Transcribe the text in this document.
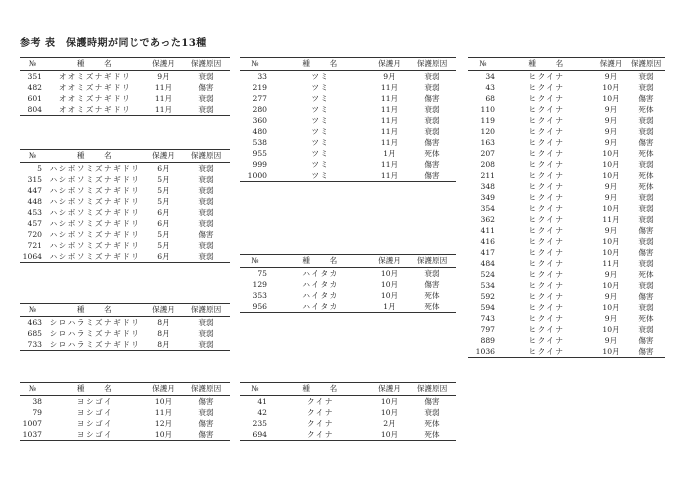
参考 表　保護時期が同じであった13種
№	種　　名	保護月	保護原因
351	オオミズナギドリ	9月	衰弱
482	オオミズナギドリ	11月	傷害
601	オオミズナギドリ	11月	衰弱
804	オオミズナギドリ	11月	衰弱
№	種　　名	保護月	保護原因
5	ハシボソミズナギドリ	6月	衰弱
315	ハシボソミズナギドリ	5月	衰弱
447	ハシボソミズナギドリ	5月	衰弱
448	ハシボソミズナギドリ	5月	衰弱
453	ハシボソミズナギドリ	6月	衰弱
457	ハシボソミズナギドリ	6月	衰弱
720	ハシボソミズナギドリ	5月	傷害
721	ハシボソミズナギドリ	5月	衰弱
1064	ハシボソミズナギドリ	6月	衰弱
№	種　　名	保護月	保護原因
463	シロハラミズナギドリ	8月	衰弱
685	シロハラミズナギドリ	8月	衰弱
733	シロハラミズナギドリ	8月	衰弱
№	種　　名	保護月	保護原因
38	ヨシゴイ	10月	傷害
79	ヨシゴイ	11月	衰弱
1007	ヨシゴイ	12月	傷害
1037	ヨシゴイ	10月	傷害
№	種　　名	保護月	保護原因
33	ツミ	9月	衰弱
219	ツミ	11月	衰弱
277	ツミ	11月	傷害
280	ツミ	11月	衰弱
360	ツミ	11月	衰弱
480	ツミ	11月	衰弱
538	ツミ	11月	傷害
955	ツミ	1月	死体
999	ツミ	11月	傷害
1000	ツミ	11月	傷害
№	種　　名	保護月	保護原因
75	ハイタカ	10月	衰弱
129	ハイタカ	10月	傷害
353	ハイタカ	10月	死体
956	ハイタカ	1月	死体
№	種　　名	保護月	保護原因
41	クイナ	10月	傷害
42	クイナ	10月	衰弱
235	クイナ	2月	死体
694	クイナ	10月	死体
№	種　　名	保護月	保護原因
34	ヒクイナ	9月	衰弱
43	ヒクイナ	10月	衰弱
68	ヒクイナ	10月	傷害
110	ヒクイナ	9月	死体
119	ヒクイナ	9月	衰弱
120	ヒクイナ	9月	衰弱
163	ヒクイナ	9月	傷害
207	ヒクイナ	10月	死体
208	ヒクイナ	10月	衰弱
211	ヒクイナ	10月	死体
348	ヒクイナ	9月	死体
349	ヒクイナ	9月	衰弱
354	ヒクイナ	10月	衰弱
362	ヒクイナ	11月	衰弱
411	ヒクイナ	9月	傷害
416	ヒクイナ	10月	衰弱
417	ヒクイナ	10月	傷害
484	ヒクイナ	11月	衰弱
524	ヒクイナ	9月	死体
534	ヒクイナ	10月	衰弱
592	ヒクイナ	9月	傷害
594	ヒクイナ	10月	衰弱
743	ヒクイナ	9月	死体
797	ヒクイナ	10月	衰弱
889	ヒクイナ	9月	傷害
1036	ヒクイナ	10月	傷害
